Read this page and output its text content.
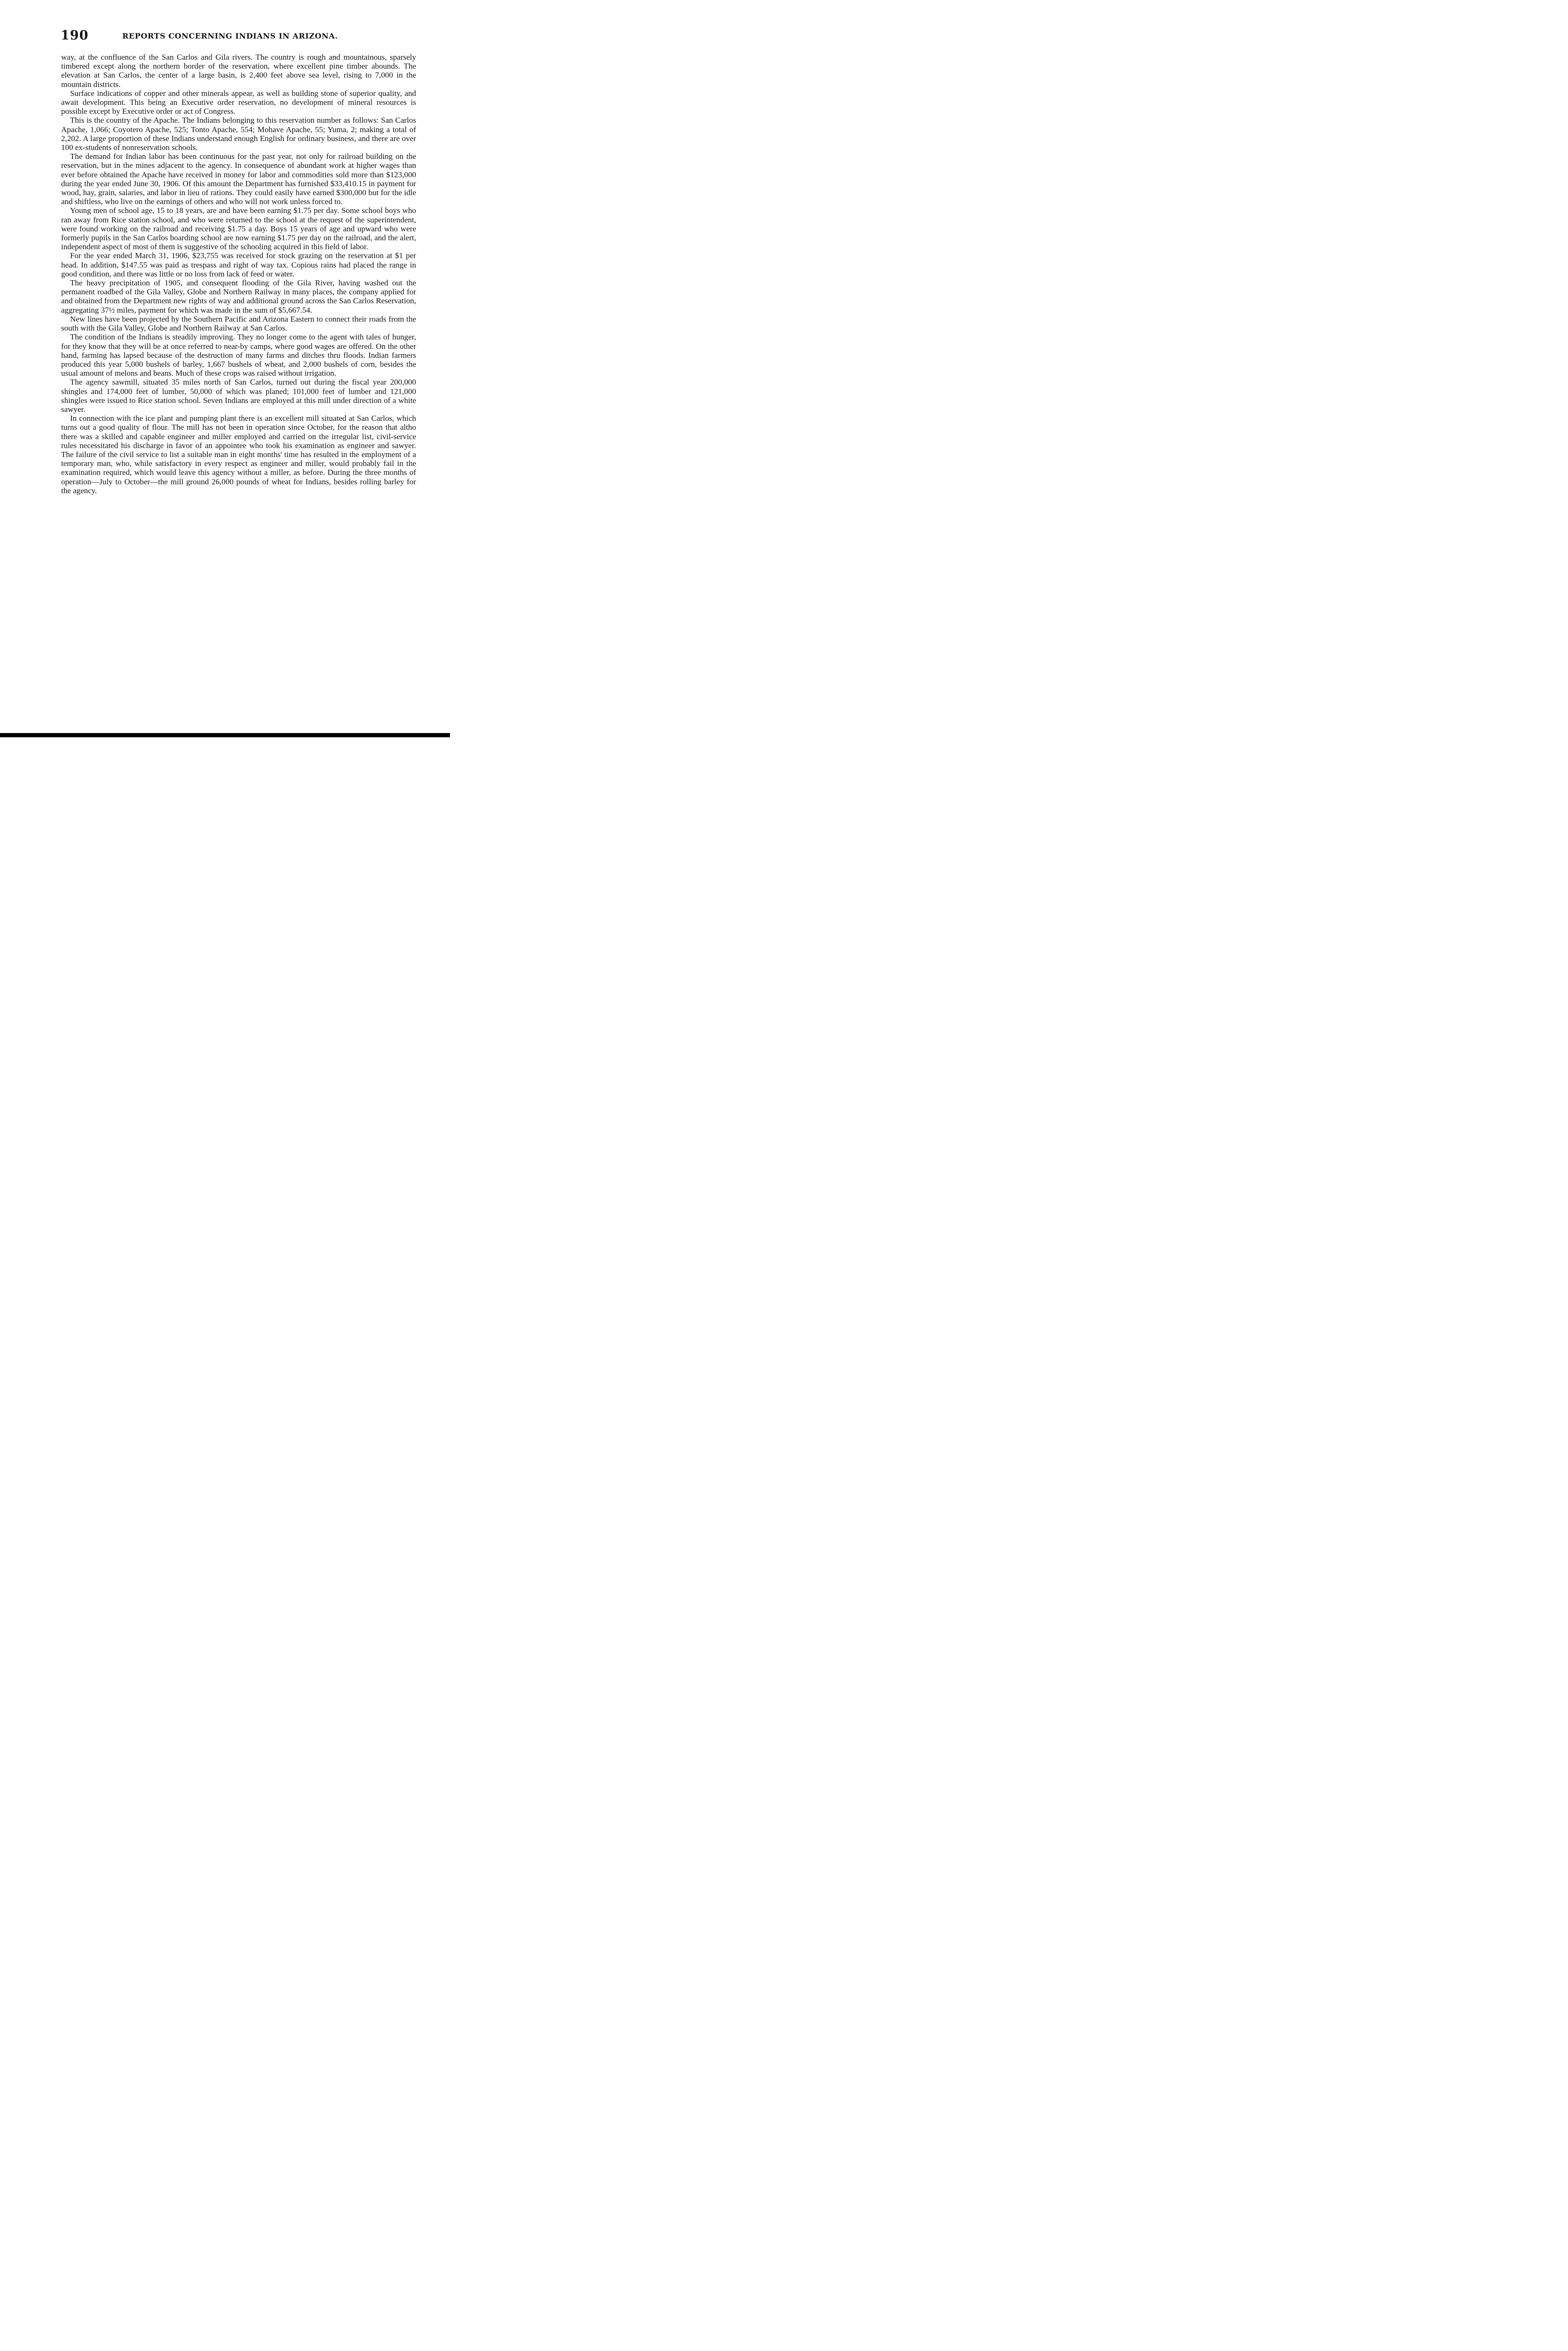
190	REPORTS CONCERNING INDIANS IN ARIZONA.

way, at the confluence of the San Carlos and Gila rivers. The country is rough and mountainous, sparsely timbered except along the northern border of the reservation, where excellent pine timber abounds. The elevation at San Carlos, the center of a large basin, is 2,400 feet above sea level, rising to 7,000 in the mountain districts.

Surface indications of copper and other minerals appear, as well as building stone of superior quality, and await development. This being an Executive order reservation, no development of mineral resources is possible except by Executive order or act of Congress.

This is the country of the Apache. The Indians belonging to this reservation number as follows: San Carlos Apache, 1,066; Coyotero Apache, 525; Tonto Apache, 554; Mohave Apache, 55; Yuma, 2; making a total of 2,202. A large proportion of these Indians understand enough English for ordinary business, and there are over 100 ex-students of nonreservation schools.

The demand for Indian labor has been continuous for the past year, not only for railroad building on the reservation, but in the mines adjacent to the agency. In consequence of abundant work at higher wages than ever before obtained the Apache have received in money for labor and commodities sold more than $123,000 during the year ended June 30, 1906. Of this amount the Department has furnished $33,410.15 in payment for wood, hay, grain, salaries, and labor in lieu of rations. They could easily have earned $300,000 but for the idle and shiftless, who live on the earnings of others and who will not work unless forced to.

Young men of school age, 15 to 18 years, are and have been earning $1.75 per day. Some school boys who ran away from Rice station school, and who were returned to the school at the request of the superintendent, were found working on the railroad and receiving $1.75 a day. Boys 15 years of age and upward who were formerly pupils in the San Carlos boarding school are now earning $1.75 per day on the railroad, and the alert, independent aspect of most of them is suggestive of the schooling acquired in this field of labor.

For the year ended March 31, 1906, $23,755 was received for stock grazing on the reservation at $1 per head. In addition, $147.55 was paid as trespass and right of way tax. Copious rains had placed the range in good condition, and there was little or no loss from lack of feed or water.

The heavy precipitation of 1905, and consequent flooding of the Gila River, having washed out the permanent roadbed of the Gila Valley, Globe and Northern Railway in many places, the company applied for and obtained from the Department new rights of way and additional ground across the San Carlos Reservation, aggregating 37½ miles, payment for which was made in the sum of $5,667.54.

New lines have been projected by the Southern Pacific and Arizona Eastern to connect their roads from the south with the Gila Valley, Globe and Northern Railway at San Carlos.

The condition of the Indians is steadily improving. They no longer come to the agent with tales of hunger, for they know that they will be at once referred to near-by camps, where good wages are offered. On the other hand, farming has lapsed because of the destruction of many farms and ditches thru floods. Indian farmers produced this year 5,000 bushels of barley, 1,667 bushels of wheat, and 2,000 bushels of corn, besides the usual amount of melons and beans. Much of these crops was raised without irrigation.

The agency sawmill, situated 35 miles north of San Carlos, turned out during the fiscal year 200,000 shingles and 174,000 feet of lumber, 50,000 of which was planed; 101,000 feet of lumber and 121,000 shingles were issued to Rice station school. Seven Indians are employed at this mill under direction of a white sawyer.

In connection with the ice plant and pumping plant there is an excellent mill situated at San Carlos, which turns out a good quality of flour. The mill has not been in operation since October, for the reason that altho there was a skilled and capable engineer and miller employed and carried on the irregular list, civil-service rules necessitated his discharge in favor of an appointee who took his examination as engineer and sawyer. The failure of the civil service to list a suitable man in eight months' time has resulted in the employment of a temporary man, who, while satisfactory in every respect as engineer and miller, would probably fail in the examination required, which would leave this agency without a miller, as before. During the three months of operation—July to October—the mill ground 26,000 pounds of wheat for Indians, besides rolling barley for the agency.
